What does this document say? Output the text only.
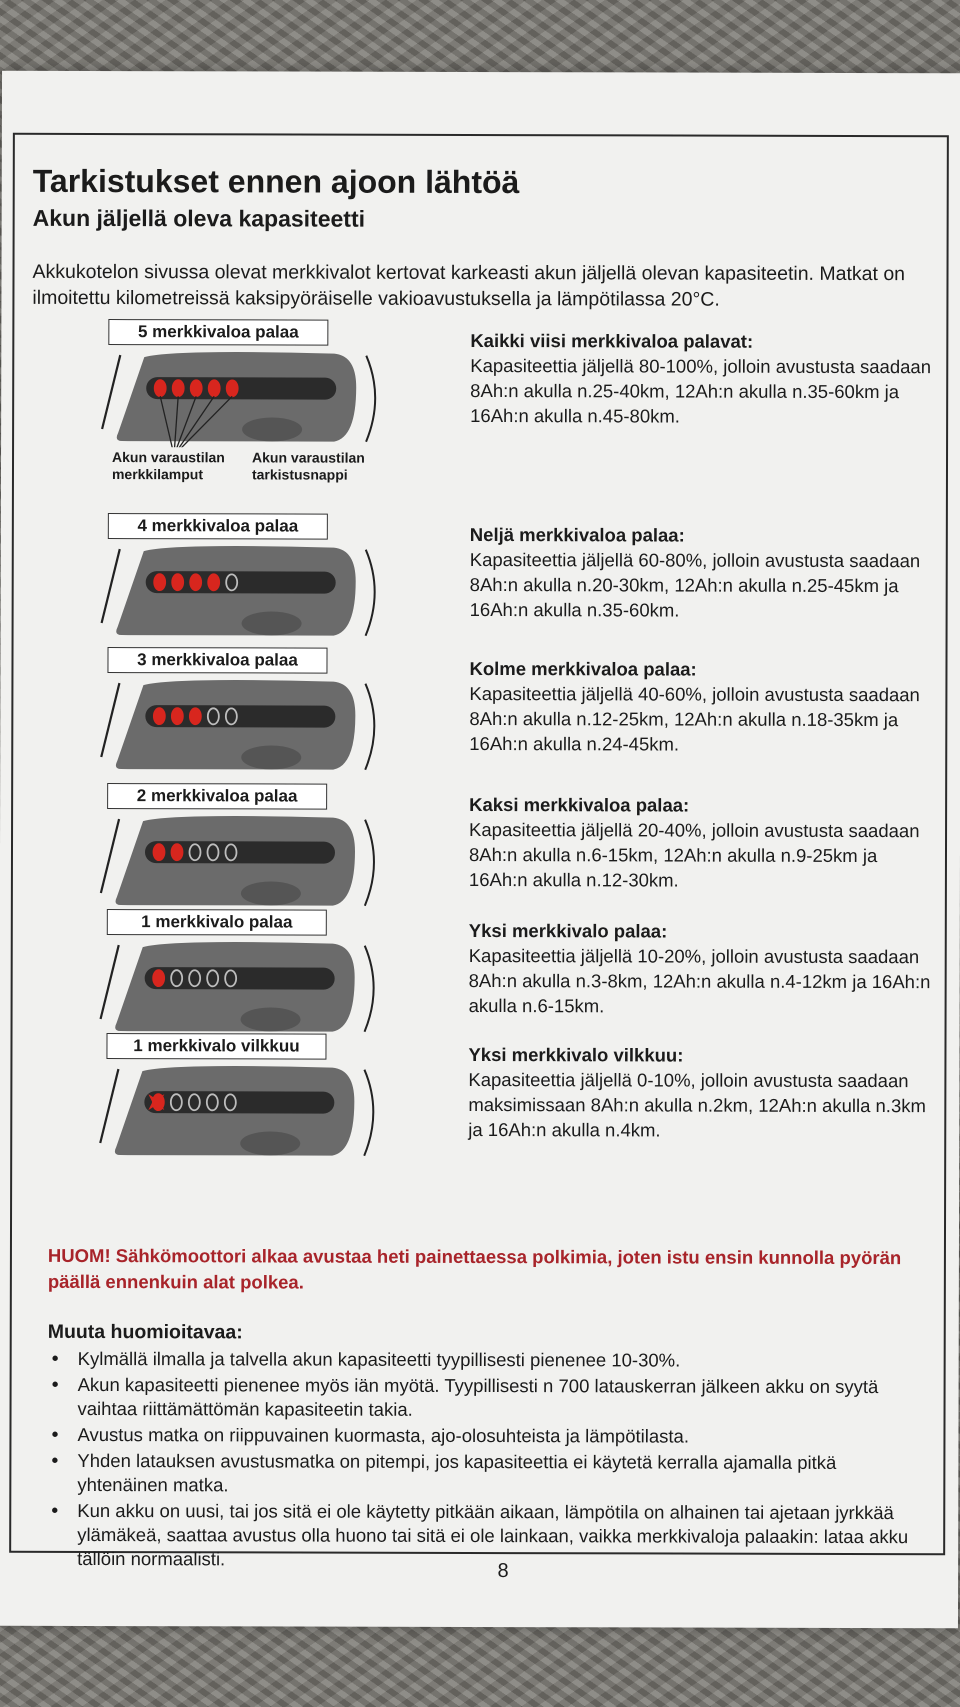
Tarkistukset ennen ajoon lähtöä
Akun jäljellä oleva kapasiteetti

Akkukotelon sivussa olevat merkkivalot kertovat karkeasti akun jäljellä olevan kapasiteetin. Matkat on ilmoitettu kilometreissä kaksipyöräiselle vakioavustuksella ja lämpötilassa 20°C.

5 merkkivaloa palaa	Kaikki viisi merkkivaloa palavat:
Kapasiteettia jäljellä 80-100%, jolloin avustusta saadaan 8Ah:n akulla n.25-40km, 12Ah:n akulla n.35-60km ja 16Ah:n akulla n.45-80km.
Akun varaustilan merkkilamput
Akun varaustilan tarkistusnappi
4 merkkivaloa palaa	Neljä merkkivaloa palaa:
Kapasiteettia jäljellä 60-80%, jolloin avustusta saadaan 8Ah:n akulla n.20-30km, 12Ah:n akulla n.25-45km ja 16Ah:n akulla n.35-60km.
3 merkkivaloa palaa	Kolme merkkivaloa palaa:
Kapasiteettia jäljellä 40-60%, jolloin avustusta saadaan 8Ah:n akulla n.12-25km, 12Ah:n akulla n.18-35km ja 16Ah:n akulla n.24-45km.
2 merkkivaloa palaa	Kaksi merkkivaloa palaa:
Kapasiteettia jäljellä 20-40%, jolloin avustusta saadaan 8Ah:n akulla n.6-15km, 12Ah:n akulla n.9-25km ja 16Ah:n akulla n.12-30km.
1 merkkivalo palaa	Yksi merkkivalo palaa:
Kapasiteettia jäljellä 10-20%, jolloin avustusta saadaan 8Ah:n akulla n.3-8km, 12Ah:n akulla n.4-12km ja 16Ah:n akulla n.6-15km.
1 merkkivalo vilkkuu	Yksi merkkivalo vilkkuu:
Kapasiteettia jäljellä 0-10%, jolloin avustusta saadaan maksimissaan 8Ah:n akulla n.2km, 12Ah:n akulla n.3km ja 16Ah:n akulla n.4km.

HUOM! Sähkömoottori alkaa avustaa heti painettaessa polkimia, joten istu ensin kunnolla pyörän päällä ennenkuin alat polkea.

Muuta huomioitavaa:

• Kylmällä ilmalla ja talvella akun kapasiteetti tyypillisesti pienenee 10-30%.
• Akun kapasiteetti pienenee myös iän myötä. Tyypillisesti n 700 latauskerran jälkeen akku on syytä vaihtaa riittämättömän kapasiteetin takia.
• Avustus matka on riippuvainen kuormasta, ajo-olosuhteista ja lämpötilasta.
• Yhden latauksen avustusmatka on pitempi, jos kapasiteettia ei käytetä kerralla ajamalla pitkä yhtenäinen matka.
• Kun akku on uusi, tai jos sitä ei ole käytetty pitkään aikaan, lämpötila on alhainen tai ajetaan jyrkkää ylämäkeä, saattaa avustus olla huono tai sitä ei ole lainkaan, vaikka merkkivaloja palaakin: lataa akku tällöin normaalisti.
8
